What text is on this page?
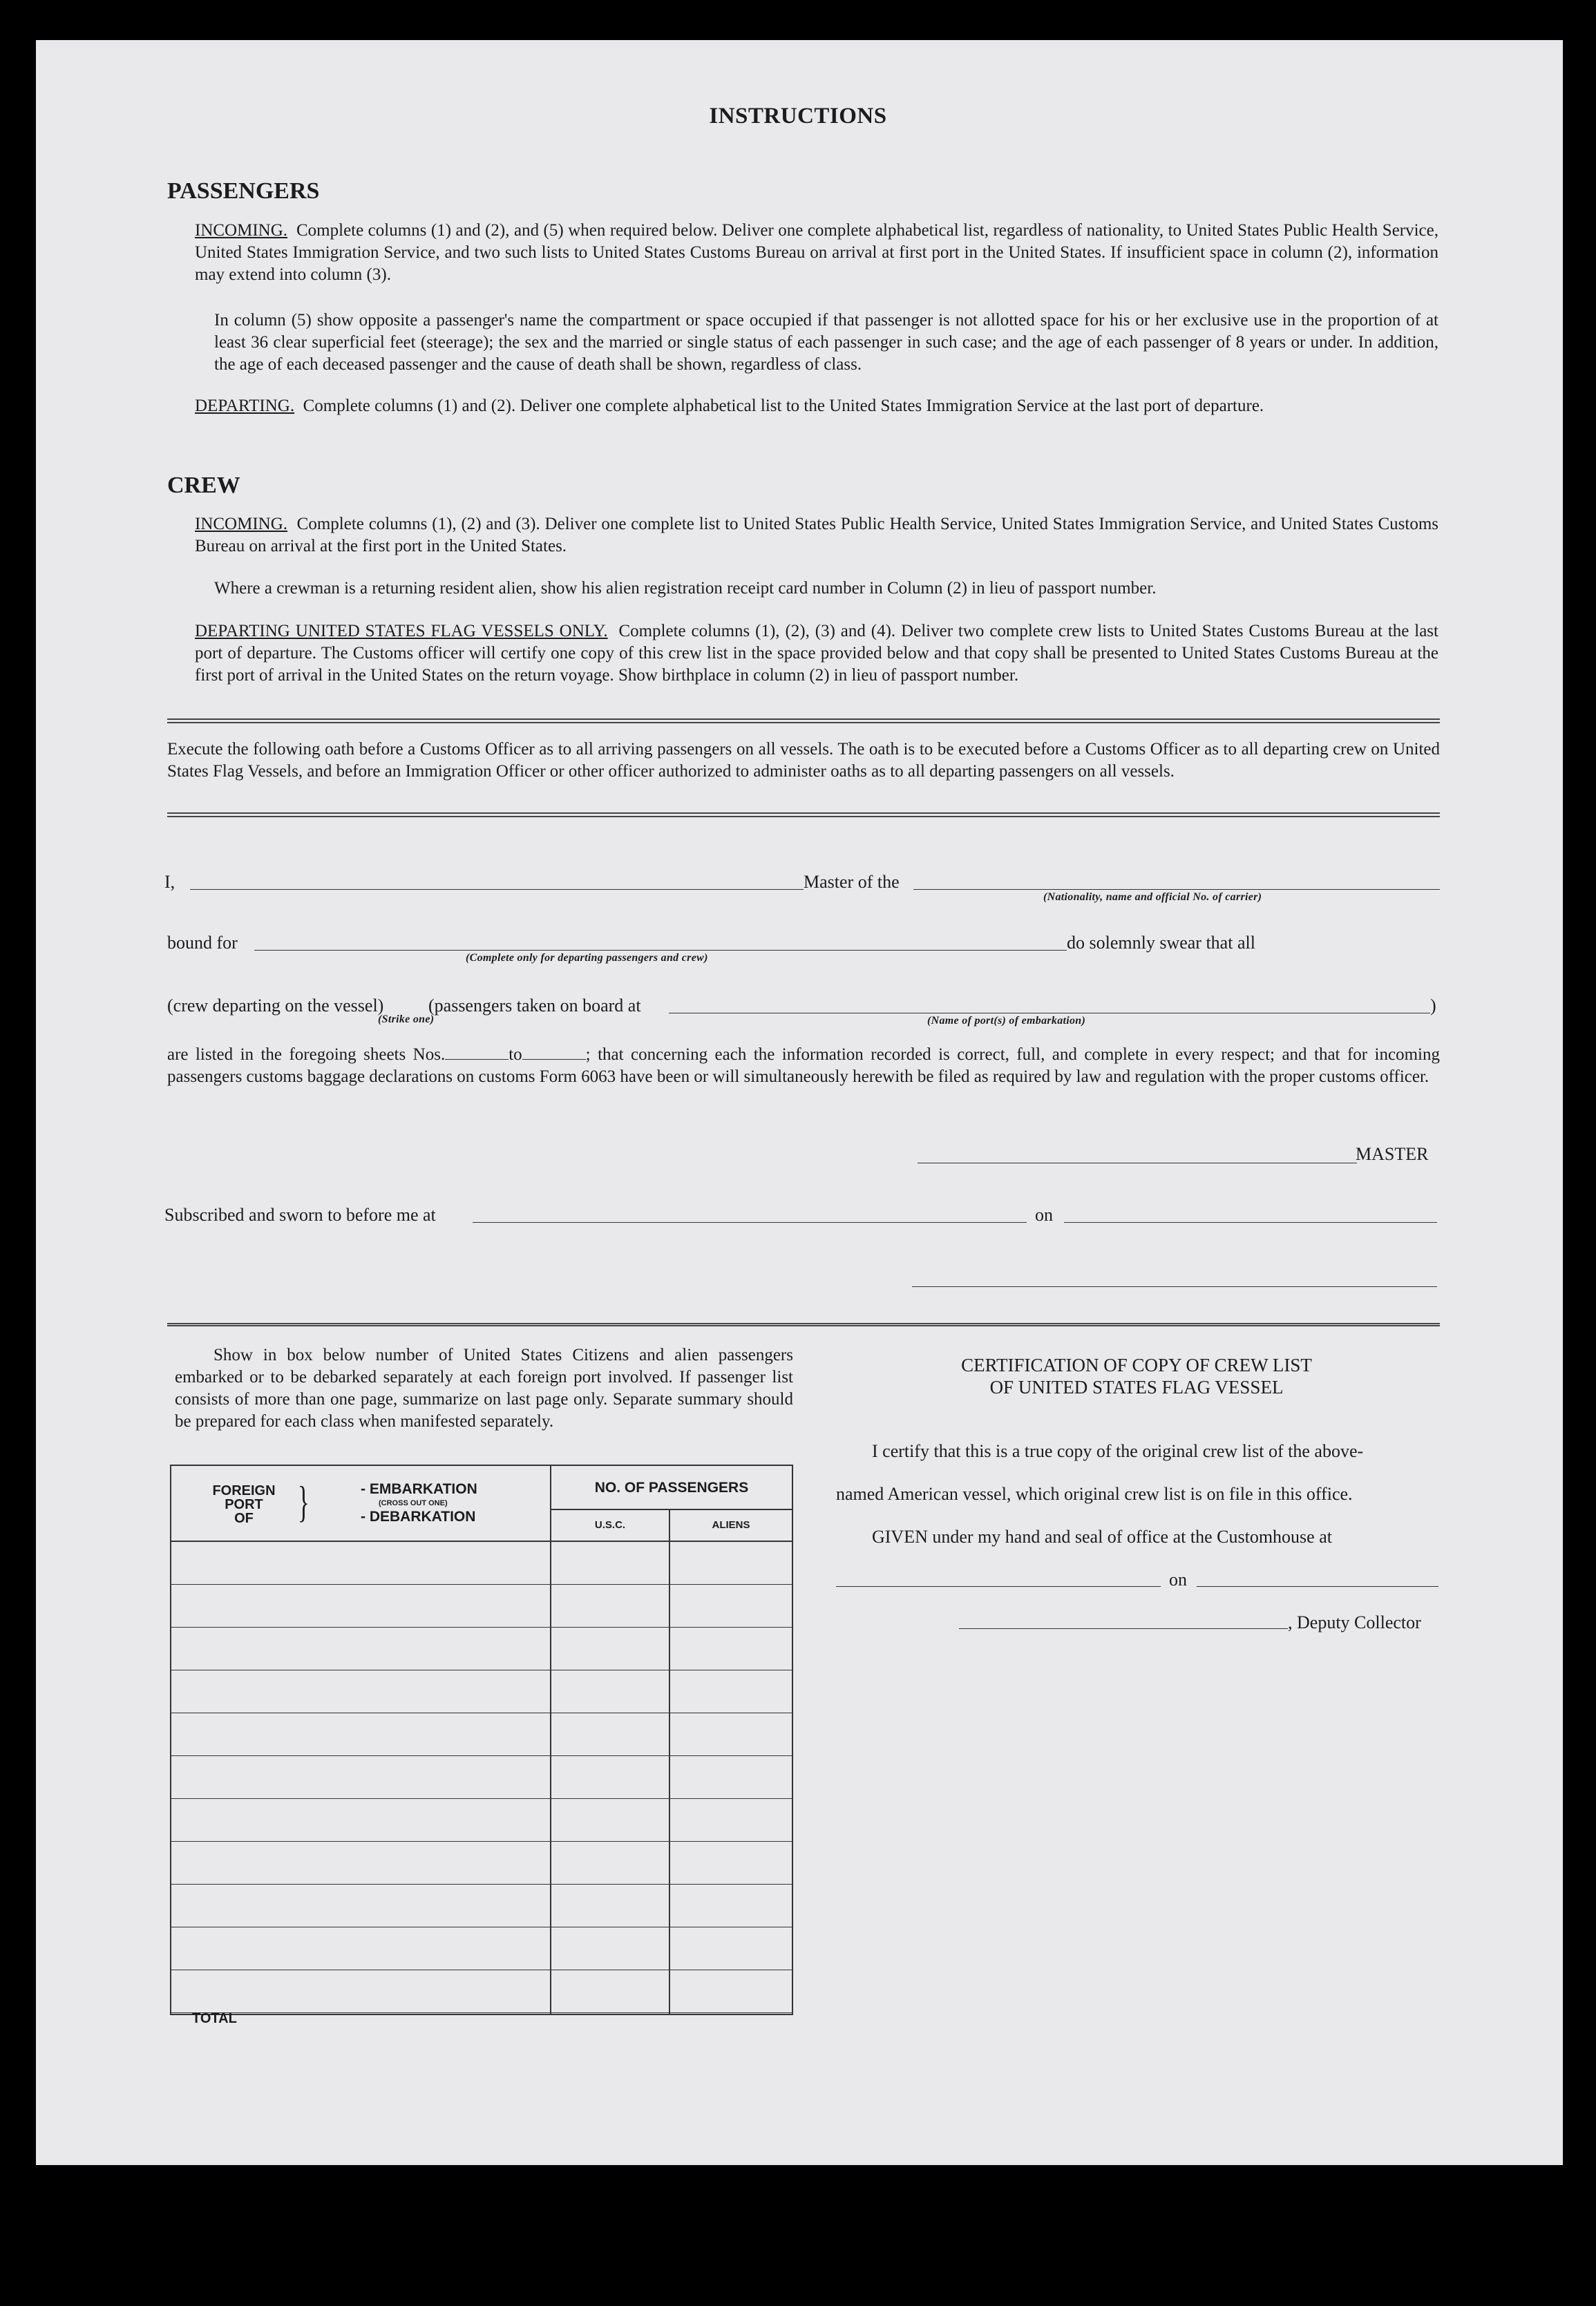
INSTRUCTIONS
PASSENGERS
INCOMING. Complete columns (1) and (2), and (5) when required below. Deliver one complete alphabetical list, regardless of nationality, to United States Public Health Service, United States Immigration Service, and two such lists to United States Customs Bureau on arrival at first port in the United States. If insufficient space in column (2), information may extend into column (3).
In column (5) show opposite a passenger's name the compartment or space occupied if that passenger is not allotted space for his or her exclusive use in the proportion of at least 36 clear superficial feet (steerage); the sex and the married or single status of each passenger in such case; and the age of each passenger of 8 years or under. In addition, the age of each deceased passenger and the cause of death shall be shown, regardless of class.
DEPARTING. Complete columns (1) and (2). Deliver one complete alphabetical list to the United States Immigration Service at the last port of departure.
CREW
INCOMING. Complete columns (1), (2) and (3). Deliver one complete list to United States Public Health Service, United States Immigration Service, and United States Customs Bureau on arrival at the first port in the United States.
Where a crewman is a returning resident alien, show his alien registration receipt card number in Column (2) in lieu of passport number.
DEPARTING UNITED STATES FLAG VESSELS ONLY. Complete columns (1), (2), (3) and (4). Deliver two complete crew lists to United States Customs Bureau at the last port of departure. The Customs officer will certify one copy of this crew list in the space provided below and that copy shall be presented to United States Customs Bureau at the first port of arrival in the United States on the return voyage. Show birthplace in column (2) in lieu of passport number.
Execute the following oath before a Customs Officer as to all arriving passengers on all vessels. The oath is to be executed before a Customs Officer as to all departing crew on United States Flag Vessels, and before an Immigration Officer or other officer authorized to administer oaths as to all departing passengers on all vessels.
I,	Master of the
(Nationality, name and official No. of carrier)
bound for
(Complete only for departing passengers and crew)
do solemnly swear that all
(crew departing on the vessel)
(Strike one)
(passengers taken on board at
(Name of port(s) of embarkation)
)
are listed in the foregoing sheets Nos.	to	; that concerning each the information recorded is correct, full, and complete in every respect; and that for incoming passengers customs baggage declarations on customs Form 6063 have been or will simultaneously herewith be filed as required by law and regulation with the proper customs officer.
MASTER
Subscribed and sworn to before me at	on
Show in box below number of United States Citizens and alien passengers embarked or to be debarked separately at each foreign port involved. If passenger list consists of more than one page, summarize on last page only. Separate summary should be prepared for each class when manifested separately.
FOREIGN
PORT
OF	}	- EMBARKATION
(CROSS OUT ONE)
- DEBARKATION
NO. OF PASSENGERS
U.S.C.	ALIENS
CERTIFICATION OF COPY OF CREW LIST
OF UNITED STATES FLAG VESSEL
I certify that this is a true copy of the original crew list of the above-
named American vessel, which original crew list is on file in this office.
GIVEN under my hand and seal of office at the Customhouse at
on
, Deputy Collector
